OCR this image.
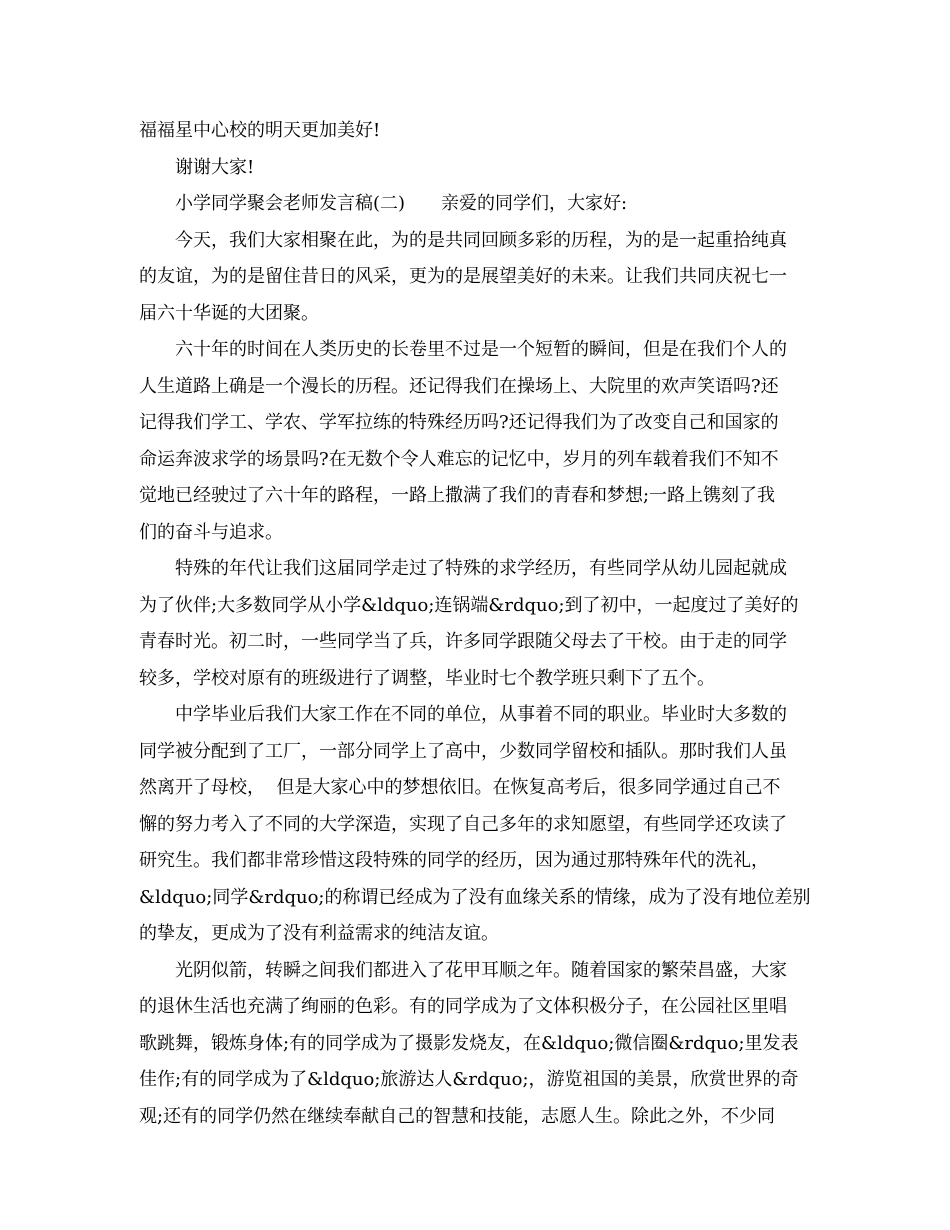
福福星中心校的明天更加美好!
谢谢大家!
小学同学聚会老师发言稿(二)　　亲爱的同学们，大家好:
今天，我们大家相聚在此，为的是共同回顾多彩的历程，为的是一起重拾纯真
的友谊，为的是留住昔日的风采，更为的是展望美好的未来。让我们共同庆祝七一
届六十华诞的大团聚。
六十年的时间在人类历史的长卷里不过是一个短暂的瞬间，但是在我们个人的
人生道路上确是一个漫长的历程。还记得我们在操场上、大院里的欢声笑语吗?还
记得我们学工、学农、学军拉练的特殊经历吗?还记得我们为了改变自己和国家的
命运奔波求学的场景吗?在无数个令人难忘的记忆中，岁月的列车载着我们不知不
觉地已经驶过了六十年的路程，一路上撒满了我们的青春和梦想;一路上镌刻了我
们的奋斗与追求。
特殊的年代让我们这届同学走过了特殊的求学经历，有些同学从幼儿园起就成
为了伙伴;大多数同学从小学&ldquo;连锅端&rdquo;到了初中，一起度过了美好的
青春时光。初二时，一些同学当了兵，许多同学跟随父母去了干校。由于走的同学
较多，学校对原有的班级进行了调整，毕业时七个教学班只剩下了五个。
中学毕业后我们大家工作在不同的单位，从事着不同的职业。毕业时大多数的
同学被分配到了工厂，一部分同学上了高中，少数同学留校和插队。那时我们人虽
然离开了母校，  但是大家心中的梦想依旧。在恢复高考后，很多同学通过自己不
懈的努力考入了不同的大学深造，实现了自己多年的求知愿望，有些同学还攻读了
研究生。我们都非常珍惜这段特殊的同学的经历，因为通过那特殊年代的洗礼，
&ldquo;同学&rdquo;的称谓已经成为了没有血缘关系的情缘，成为了没有地位差别
的挚友，更成为了没有利益需求的纯洁友谊。
光阴似箭，转瞬之间我们都进入了花甲耳顺之年。随着国家的繁荣昌盛，大家
的退休生活也充满了绚丽的色彩。有的同学成为了文体积极分子，在公园社区里唱
歌跳舞，锻炼身体;有的同学成为了摄影发烧友，在&ldquo;微信圈&rdquo;里发表
佳作;有的同学成为了&ldquo;旅游达人&rdquo;，游览祖国的美景，欣赏世界的奇
观;还有的同学仍然在继续奉献自己的智慧和技能，志愿人生。除此之外，不少同
